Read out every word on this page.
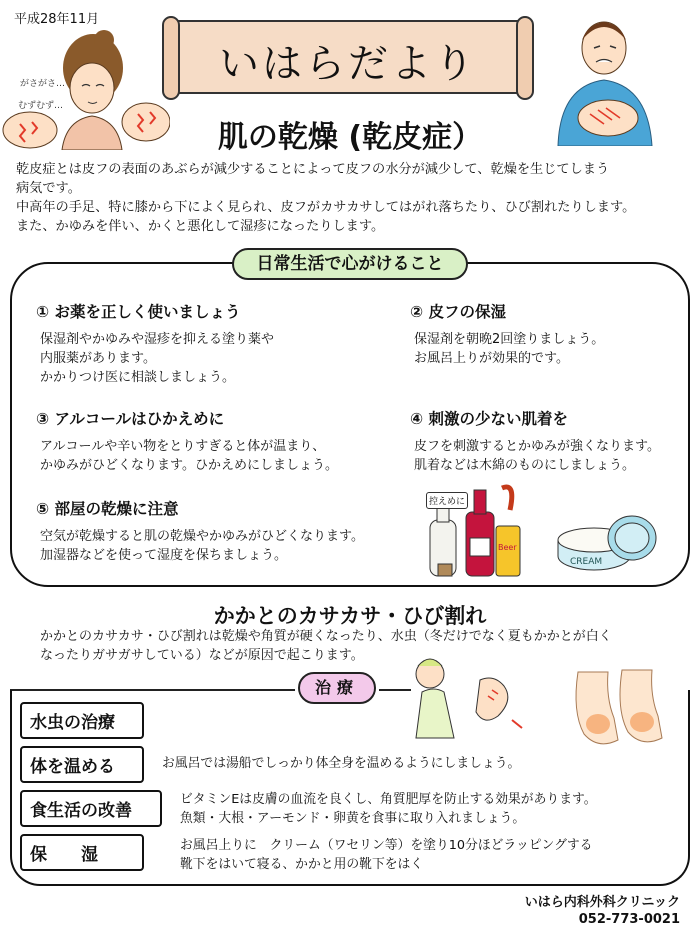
平成28年11月
がさがさ…
むずむず…
いはらだより
肌の乾燥 (乾皮症）

乾皮症とは皮フの表面のあぶらが減少することによって皮フの水分が減少して、乾燥を生じてしまう

病気です。

中高年の手足、特に膝から下によく見られ、皮フがカサカサしてはがれ落ちたり、ひび割れたりします。

また、かゆみを伴い、かくと悪化して湿疹になったりします。

日常生活で心がけること
① お薬を正しく使いましょう

保湿剤やかゆみや湿疹を抑える塗り薬や

内服薬があります。

かかりつけ医に相談しましょう。

② 皮フの保湿

保湿剤を朝晩2回塗りましょう。

お風呂上りが効果的です。

③ アルコールはひかえめに

アルコールや辛い物をとりすぎると体が温まり、

かゆみがひどくなります。ひかえめにしましょう。

④ 刺激の少ない肌着を

皮フを刺激するとかゆみが強くなります。

肌着などは木綿のものにしましょう。

⑤ 部屋の乾燥に注意

空気が乾燥すると肌の乾燥やかゆみがひどくなります。

加湿器などを使って湿度を保ちましょう。

Beer
控えめに
CREAM
かかとのカサカサ・ひび割れ

かかとのカサカサ・ひび割れは乾燥や角質が硬くなったり、水虫（冬だけでなく夏もかかとが白く

なったりガサガサしている）などが原因で起こります。

治療
水虫の治療
体を温める	お風呂では湯船でしっかり体全身を温めるようにしましょう。

食生活の改善

ビタミンEは皮膚の血流を良くし、角質肥厚を防止する効果があります。

魚類・大根・アーモンド・卵黄を食事に取り入れましょう。

保　　湿	お風呂上りに　クリーム（ワセリン等）を塗り10分ほどラッピングする

靴下をはいて寝る、かかと用の靴下をはく

いはら内科外科クリニック
052-773-0021
